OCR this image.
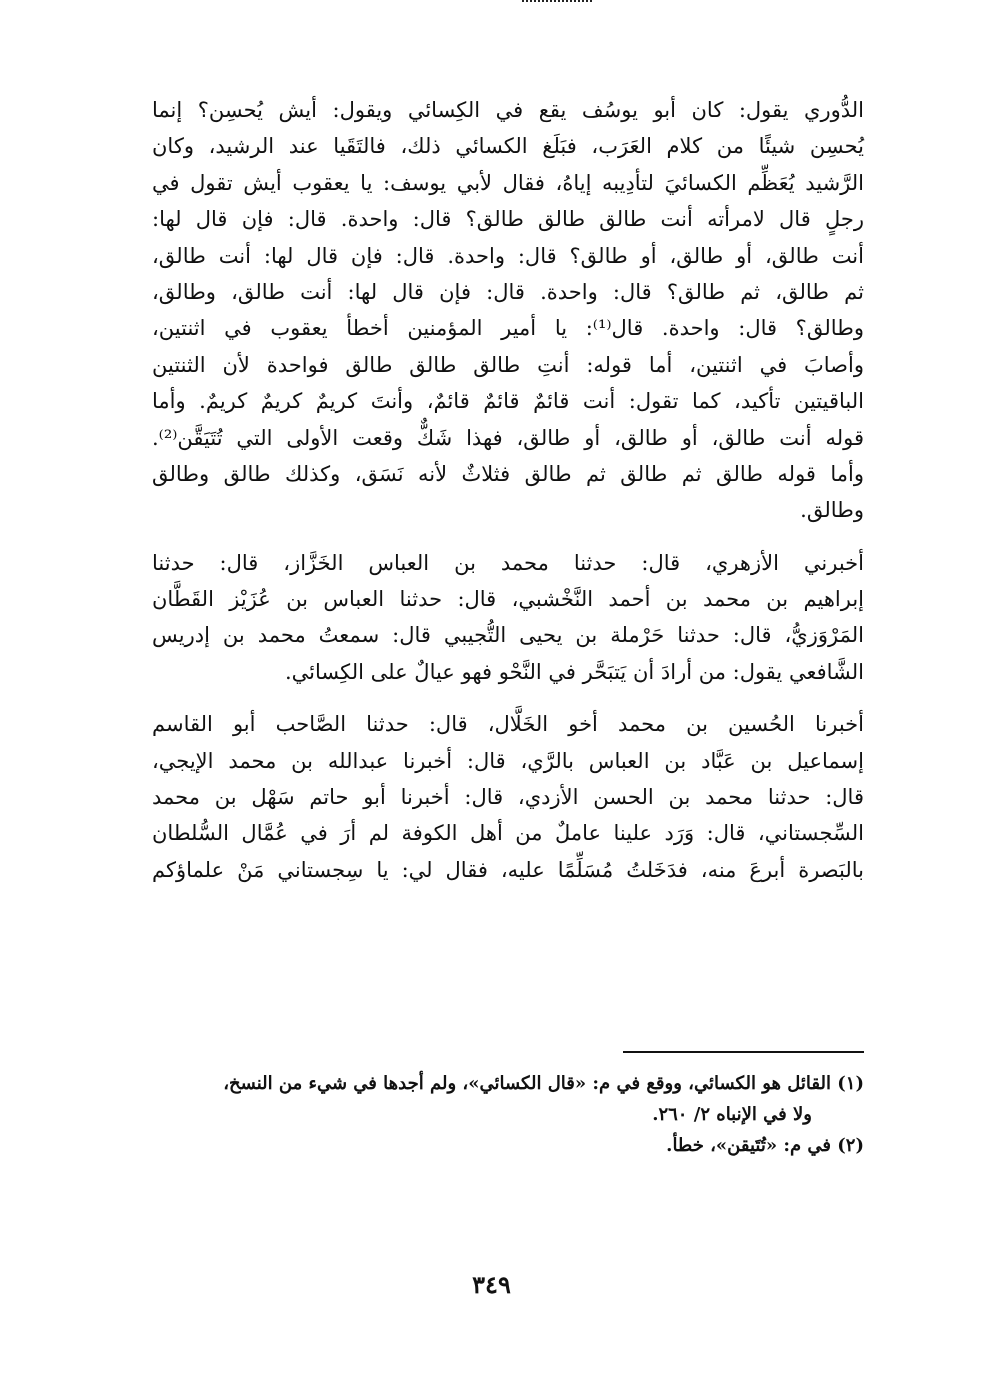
الدُّوري يقول: كان أبو يوسُف يقع في الكِسائي ويقول: أيش يُحسِن؟ إنما
يُحسِن شيئًا من كلام العَرَب، فبَلَغ الكسائي ذلك، فالتَقَيا عند الرشيد، وكان
الرَّشيد يُعَظِّم الكسائيَ لتأدِيبه إياهُ، فقال لأبي يوسف: يا يعقوب أيش تقول في
رجلٍ قال لامرأته أنت طالق طالق طالق؟ قال: واحدة. قال: فإن قال لها:
أنت طالق، أو طالق، أو طالق؟ قال: واحدة. قال: فإن قال لها: أنت طالق،
ثم طالق، ثم طالق؟ قال: واحدة. قال: فإن قال لها: أنت طالق، وطالق،
وطالق؟ قال: واحدة. قال⁽¹⁾: يا أمير المؤمنين أخطأ يعقوب في اثنتين،
وأصابَ في اثنتين، أما قوله: أنتِ طالق طالق طالق فواحدة لأن الثنتين
الباقيتين تأكيد، كما تقول: أنت قائمٌ قائمٌ قائمٌ، وأنتَ كريمٌ كريمٌ كريمٌ. وأما
قوله أنت طالق، أو طالق، أو طالق، فهذا شَكٌّ وقعت الأولى التي تُتَيَقَّن⁽²⁾.
وأما قوله طالق ثم طالق ثم طالق فثلاثٌ لأنه نَسَق، وكذلك طالق وطالق
وطالق.
أخبرني الأزهري، قال: حدثنا محمد بن العباس الخَزَّاز، قال: حدثنا
إبراهيم بن محمد بن أحمد النَّخْشبي، قال: حدثنا العباس بن عُزَيْز القَطَّان
المَرْوَزيُّ، قال: حدثنا حَرْملة بن يحيى التُّجيبي قال: سمعتُ محمد بن إدريس
الشَّافعي يقول: من أرادَ أن يَتبَحَّر في النَّحْو فهو عيالٌ على الكِسائي.
أخبرنا الحُسين بن محمد أخو الخَلَّال، قال: حدثنا الصَّاحب أبو القاسم
إسماعيل بن عَبَّاد بن العباس بالرَّي، قال: أخبرنا عبدالله بن محمد الإيجي،
قال: حدثنا محمد بن الحسن الأزدي، قال: أخبرنا أبو حاتم سَهْل بن محمد
السِّجستاني، قال: وَرَد علينا عاملٌ من أهل الكوفة لم أرَ في عُمَّال السُّلطان
بالبَصرة أبرعَ منه، فدَخَلتُ مُسَلِّمًا عليه، فقال لي: يا سِجستاني مَنْ علماؤكم
(١) القائل هو الكسائي، ووقع في م: «قال الكسائي»، ولم أجدها في شيء من النسخ،
ولا في الإنباه ٢/ ٢٦٠.
(٢) في م: «تُتَيقن»، خطأ.
٣٤٩
